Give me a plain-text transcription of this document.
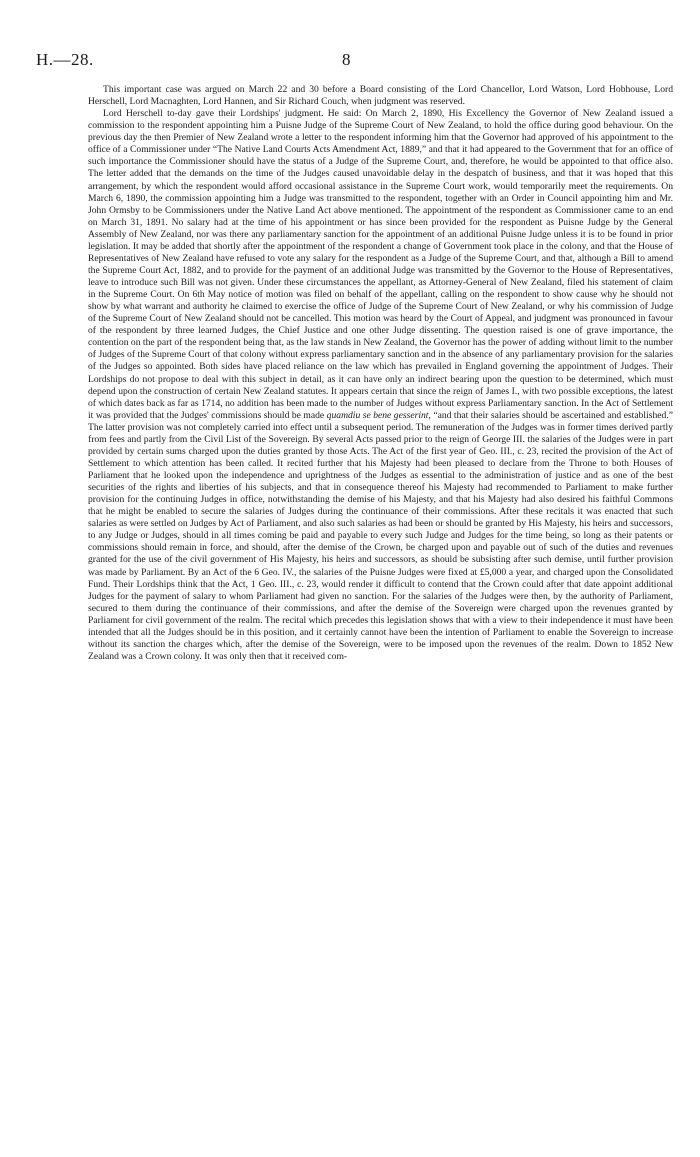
H.—28.	8

This important case was argued on March 22 and 30 before a Board consisting of the Lord Chancellor, Lord Watson, Lord Hobhouse, Lord Herschell, Lord Macnaghten, Lord Hannen, and Sir Richard Couch, when judgment was reserved.

Lord Herschell to-day gave their Lordships' judgment. He said: On March 2, 1890, His Excellency the Governor of New Zealand issued a commission to the respondent appointing him a Puisne Judge of the Supreme Court of New Zealand, to hold the office during good behaviour. On the previous day the then Premier of New Zealand wrote a letter to the respondent informing him that the Governor had approved of his appointment to the office of a Commissioner under “The Native Land Courts Acts Amendment Act, 1889,” and that it had appeared to the Government that for an office of such importance the Commissioner should have the status of a Judge of the Supreme Court, and, therefore, he would be appointed to that office also. The letter added that the demands on the time of the Judges caused unavoidable delay in the despatch of business, and that it was hoped that this arrangement, by which the respondent would afford occasional assistance in the Supreme Court work, would temporarily meet the requirements. On March 6, 1890, the commission appointing him a Judge was transmitted to the respondent, together with an Order in Council appointing him and Mr. John Ormsby to be Commissioners under the Native Land Act above mentioned. The appointment of the respondent as Commissioner came to an end on March 31, 1891. No salary had at the time of his appointment or has since been provided for the respondent as Puisne Judge by the General Assembly of New Zealand, nor was there any parliamentary sanction for the appointment of an additional Puisne Judge unless it is to be found in prior legislation. It may be added that shortly after the appointment of the respondent a change of Government took place in the colony, and that the House of Representatives of New Zealand have refused to vote any salary for the respondent as a Judge of the Supreme Court, and that, although a Bill to amend the Supreme Court Act, 1882, and to provide for the payment of an additional Judge was transmitted by the Governor to the House of Representatives, leave to introduce such Bill was not given. Under these circumstances the appellant, as Attorney-General of New Zealand, filed his statement of claim in the Supreme Court. On 6th May notice of motion was filed on behalf of the appellant, calling on the respondent to show cause why he should not show by what warrant and authority he claimed to exercise the office of Judge of the Supreme Court of New Zealand, or why his commission of Judge of the Supreme Court of New Zealand should not be cancelled. This motion was heard by the Court of Appeal, and judgment was pronounced in favour of the respondent by three learned Judges, the Chief Justice and one other Judge dissenting. The question raised is one of grave importance, the contention on the part of the respondent being that, as the law stands in New Zealand, the Governor has the power of adding without limit to the number of Judges of the Supreme Court of that colony without express parliamentary sanction and in the absence of any parliamentary provision for the salaries of the Judges so appointed. Both sides have placed reliance on the law which has prevailed in England governing the appointment of Judges. Their Lordships do not propose to deal with this subject in detail, as it can have only an indirect bearing upon the question to be determined, which must depend upon the construction of certain New Zealand statutes. It appears certain that since the reign of James I., with two possible exceptions, the latest of which dates back as far as 1714, no addition has been made to the number of Judges without express Parliamentary sanction. In the Act of Settlement it was provided that the Judges' commissions should be made quamdiu se bene gesserint, “and that their salaries should be ascertained and established.” The latter provision was not completely carried into effect until a subsequent period. The remuneration of the Judges was in former times derived partly from fees and partly from the Civil List of the Sovereign. By several Acts passed prior to the reign of George III. the salaries of the Judges were in part provided by certain sums charged upon the duties granted by those Acts. The Act of the first year of Geo. III., c. 23, recited the provision of the Act of Settlement to which attention has been called. It recited further that his Majesty had been pleased to declare from the Throne to both Houses of Parliament that he looked upon the independence and uprightness of the Judges as essential to the administration of justice and as one of the best securities of the rights and liberties of his subjects, and that in consequence thereof his Majesty had recommended to Parliament to make further provision for the continuing Judges in office, notwithstanding the demise of his Majesty, and that his Majesty had also desired his faithful Commons that he might be enabled to secure the salaries of Judges during the continuance of their commissions. After these recitals it was enacted that such salaries as were settled on Judges by Act of Parliament, and also such salaries as had been or should be granted by His Majesty, his heirs and successors, to any Judge or Judges, should in all times coming be paid and payable to every such Judge and Judges for the time being, so long as their patents or commissions should remain in force, and should, after the demise of the Crown, be charged upon and payable out of such of the duties and revenues granted for the use of the civil government of His Majesty, his heirs and successors, as should be subsisting after such demise, until further provision was made by Parliament. By an Act of the 6 Geo. IV., the salaries of the Puisne Judges were fixed at £5,000 a year, and charged upon the Consolidated Fund. Their Lordships think that the Act, 1 Geo. III., c. 23, would render it difficult to contend that the Crown could after that date appoint additional Judges for the payment of salary to whom Parliament had given no sanction. For the salaries of the Judges were then, by the authority of Parliament, secured to them during the continuance of their commissions, and after the demise of the Sovereign were charged upon the revenues granted by Parliament for civil government of the realm. The recital which precedes this legislation shows that with a view to their independence it must have been intended that all the Judges should be in this position, and it certainly cannot have been the intention of Parliament to enable the Sovereign to increase without its sanction the charges which, after the demise of the Sovereign, were to be imposed upon the revenues of the realm. Down to 1852 New Zealand was a Crown colony. It was only then that it received com-
